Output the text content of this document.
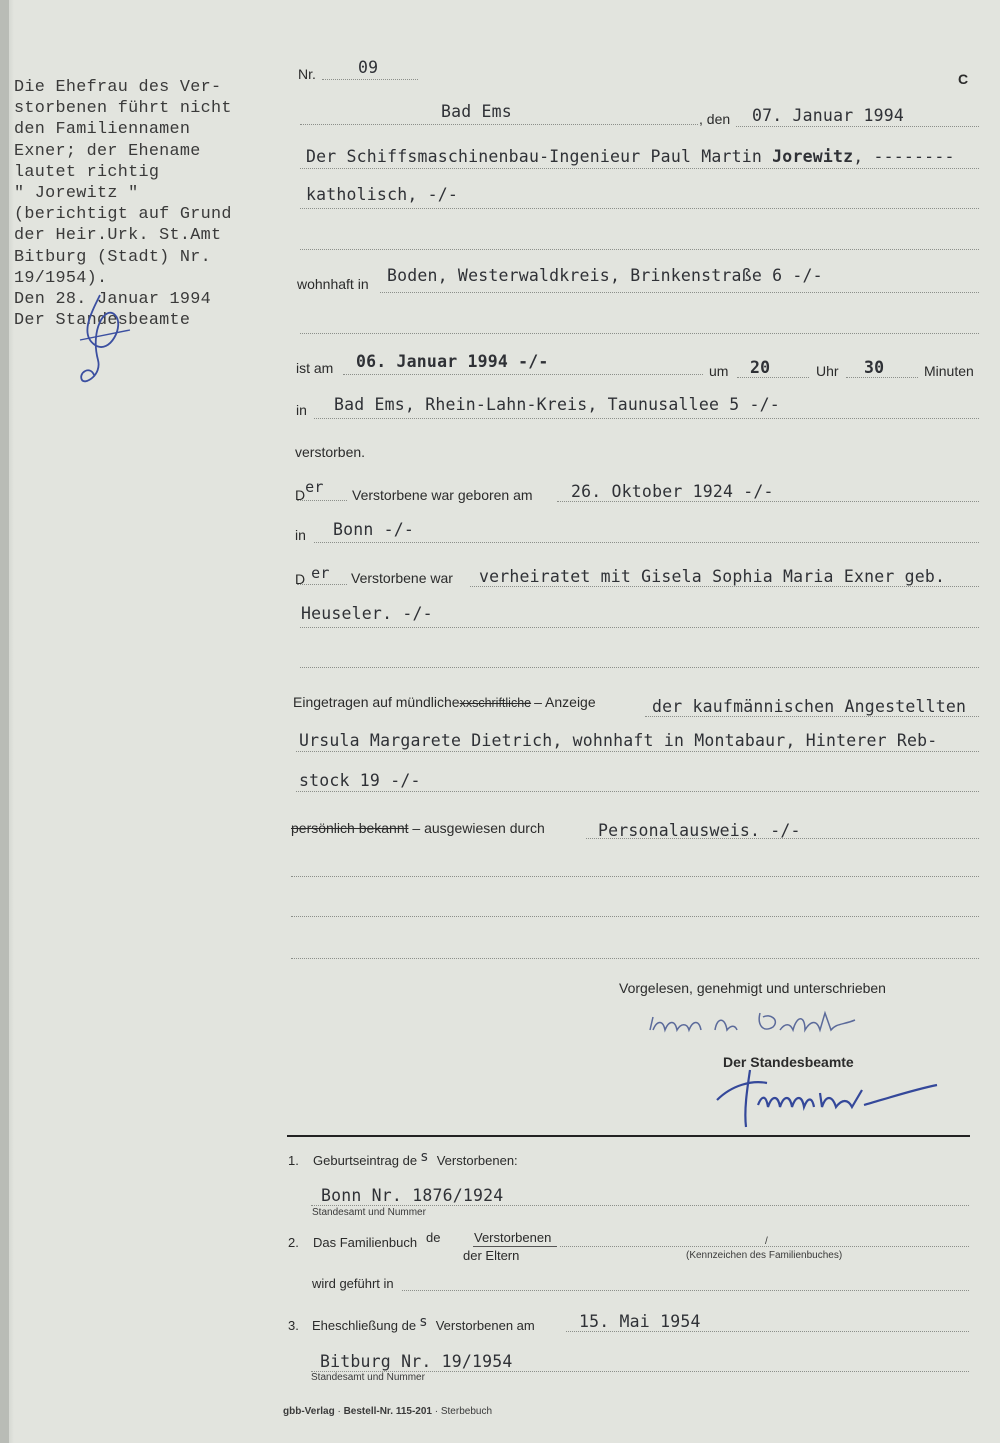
Die Ehefrau des Ver-
storbenen führt nicht
den Familiennamen
Exner; der Ehename
lautet richtig
" Jorewitz "
(berichtigt auf Grund
der Heir.Urk. St.Amt
Bitburg (Stadt) Nr.
19/1954).
Den 28. Januar 1994
Der Standesbeamte
Nr.	09
C
Bad Ems	, den 07. Januar 1994
Der Schiffsmaschinenbau-Ingenieur Paul Martin Jorewitz, --------
katholisch, -/-
wohnhaft in Boden, Westerwaldkreis, Brinkenstraße 6 -/-
ist am 06. Januar 1994 -/-	um 20	Uhr 30	Minuten
in Bad Ems, Rhein-Lahn-Kreis, Taunusallee 5 -/-
verstorben.
Der Verstorbene war geboren am 26. Oktober 1924 -/-
in Bonn -/-
D er Verstorbene war verheiratet mit Gisela Sophia Maria Exner geb.
Heuseler. -/-
Eingetragen auf mündlichexxschriftliche – Anzeige	der kaufmännischen Angestellten
Ursula Margarete Dietrich, wohnhaft in Montabaur, Hinterer Reb-
stock 19 -/-
persönlich bekannt – ausgewiesen durch	Personalausweis. -/-
Vorgelesen, genehmigt und unterschrieben
Der Standesbeamte
1. Geburtseintrag de s Verstorbenen:
Bonn Nr. 1876/1924
Standesamt und Nummer
2. Das Familienbuch de	Verstorbenen
der Eltern
/
(Kennzeichen des Familienbuches)
wird geführt in
3. Eheschließung de s Verstorbenen am	15. Mai 1954
Bitburg Nr. 19/1954
Standesamt und Nummer
gbb-Verlag · Bestell-Nr. 115-201 · Sterbebuch
